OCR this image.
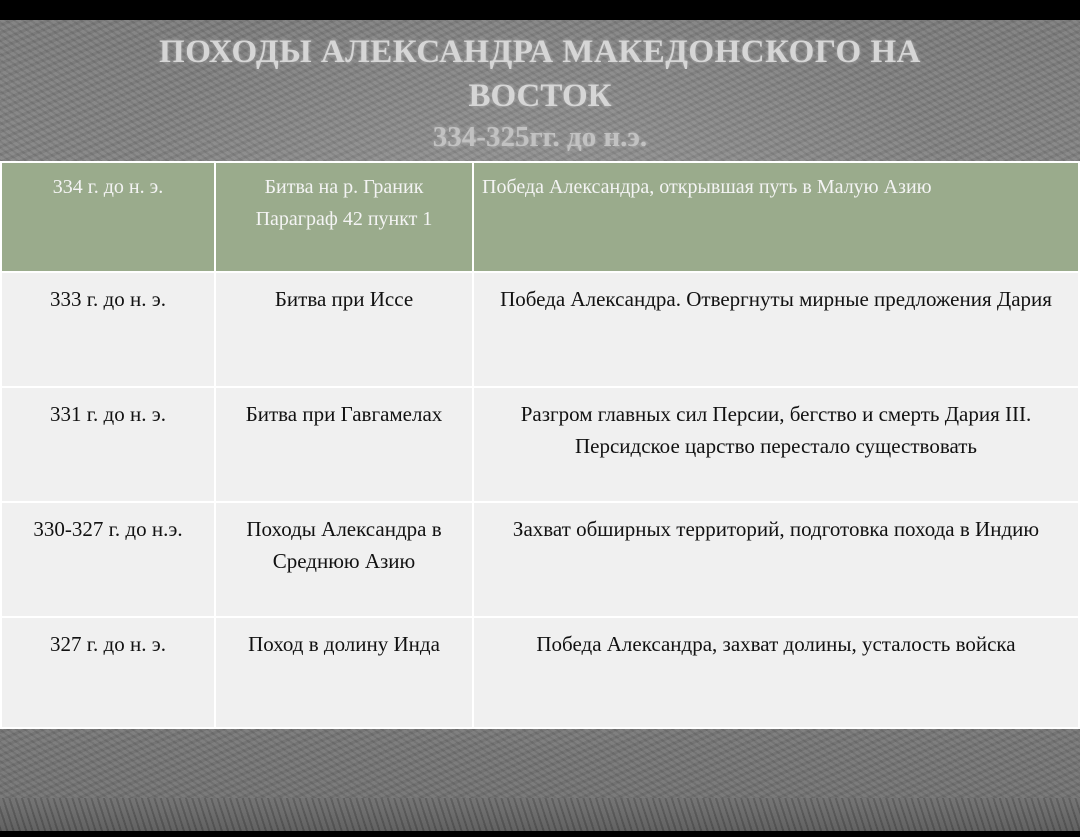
ПОХОДЫ АЛЕКСАНДРА МАКЕДОНСКОГО НА
ВОСТОК
334-325гг. до н.э.
334 г. до н. э.	Битва на р. Граник Параграф 42 пункт 1	Победа Александра, открывшая путь в Малую Азию
333 г. до н. э.	Битва при Иссе	Победа Александра. Отвергнуты мирные предложения Дария
331 г. до н. э.	Битва при Гавгамелах	Разгром главных сил Персии, бегство и смерть Дария III. Персидское царство перестало существовать
330-327 г. до н.э.	Походы Александра в Среднюю Азию	Захват обширных территорий, подготовка похода в Индию
327 г. до н. э.	Поход в долину Инда	Победа Александра, захват долины, усталость войска
